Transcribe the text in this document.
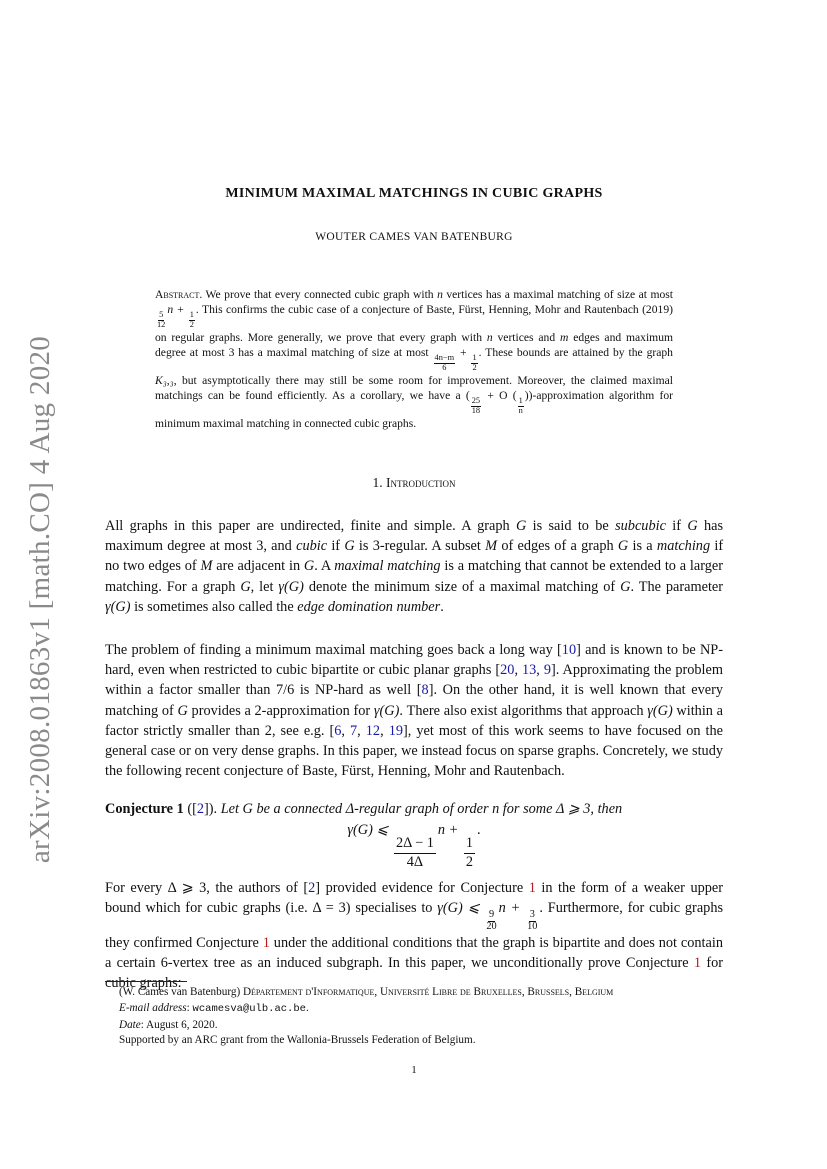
arXiv:2008.01863v1 [math.CO] 4 Aug 2020
MINIMUM MAXIMAL MATCHINGS IN CUBIC GRAPHS
WOUTER CAMES VAN BATENBURG
Abstract. We prove that every connected cubic graph with n vertices has a maximal matching of size at most
$\frac{5}{12}$
n +
$\frac{1}{2}$
. This confirms the cubic case of a conjecture of Baste, Fürst, Henning, Mohr and Rautenbach (2019) on regular graphs. More generally, we prove that every graph with n vertices and m edges and maximum degree at most 3 has a maximal matching of size at most
$\frac{4n-m}{6}$
+
$\frac{1}{2}$
. These bounds are attained by the graph K₃,₃, but asymptotically there may still be some room for improvement. Moreover, the claimed maximal matchings can be found efficiently. As a corollary, we have a (
$\frac{25}{18}$
+ O (
$\frac{1}{n}$
))-approximation algorithm for minimum maximal matching in connected cubic graphs.
1. Introduction

All graphs in this paper are undirected, finite and simple. A graph G is said to be subcubic if G has maximum degree at most 3, and cubic if G is 3-regular. A subset M of edges of a graph G is a matching if no two edges of M are adjacent in G. A maximal matching is a matching that cannot be extended to a larger matching. For a graph G, let γ(G) denote the minimum size of a maximal matching of G. The parameter γ(G) is sometimes also called the edge domination number.

The problem of finding a minimum maximal matching goes back a long way [10] and is known to be NP-hard, even when restricted to cubic bipartite or cubic planar graphs [20, 13, 9]. Approximating the problem within a factor smaller than 7/6 is NP-hard as well [8]. On the other hand, it is well known that every matching of G provides a 2-approximation for γ(G). There also exist algorithms that approach γ(G) within a factor strictly smaller than 2, see e.g. [6, 7, 12, 19], yet most of this work seems to have focused on the general case or on very dense graphs. In this paper, we instead focus on sparse graphs. Concretely, we study the following recent conjecture of Baste, Fürst, Henning, Mohr and Rautenbach.

Conjecture 1 ([2]). Let G be a connected Δ-regular graph of order n for some Δ ⩾ 3, then

γ(G) ⩽
$\frac{2\Delta - 1}{4\Delta}$
n +
$\frac{1}{2}$
.

For every Δ ⩾ 3, the authors of [2] provided evidence for Conjecture 1 in the form of a weaker upper bound which for cubic graphs (i.e. Δ = 3) specialises to γ(G) ⩽
$\frac{9}{20}$
n +
$\frac{3}{10}$
. Furthermore, for cubic graphs they confirmed Conjecture 1 under the additional conditions that the graph is bipartite and does not contain a certain 6-vertex tree as an induced subgraph. In this paper, we unconditionally prove Conjecture 1 for cubic graphs:

(W. Cames van Batenburg) Département d'Informatique, Université Libre de Bruxelles, Brussels, Belgium

E-mail address: wcamesva@ulb.ac.be.

Date: August 6, 2020.

Supported by an ARC grant from the Wallonia-Brussels Federation of Belgium.

1
